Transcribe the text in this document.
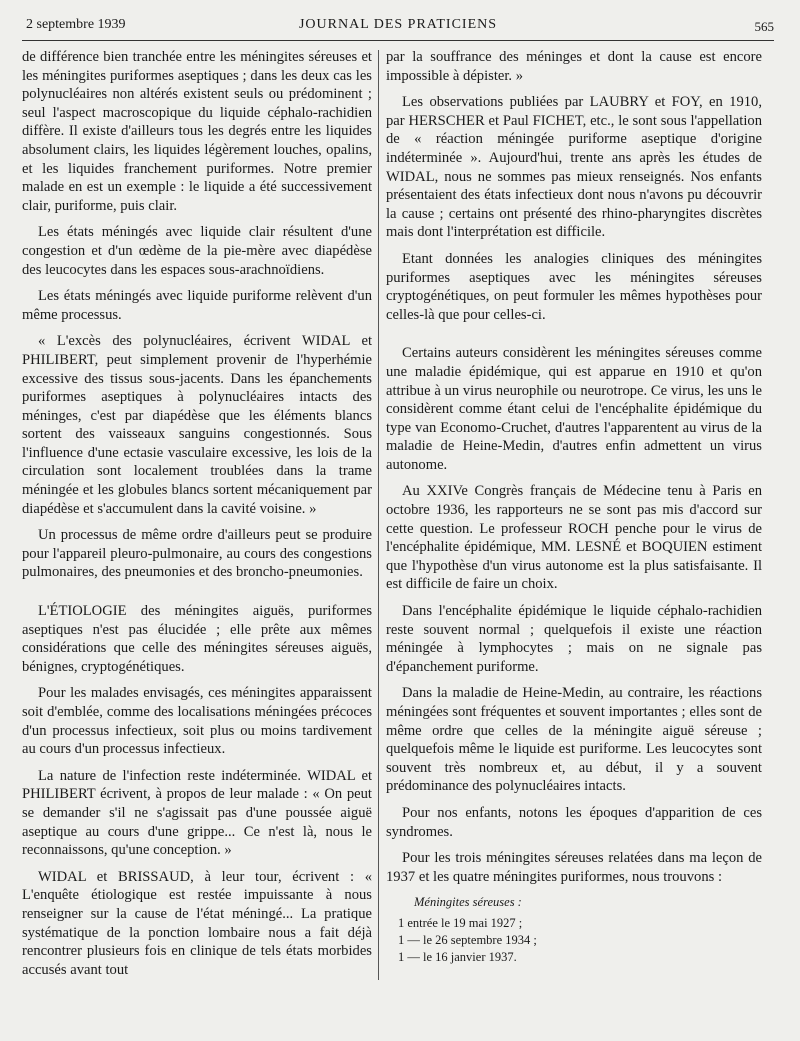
2 septembre 1939	JOURNAL DES PRATICIENS	565

de différence bien tranchée entre les méningites séreuses et les méningites puriformes aseptiques ; dans les deux cas les polynucléaires non altérés existent seuls ou prédominent ; seul l'aspect macroscopique du liquide céphalo-rachidien diffère. Il existe d'ailleurs tous les degrés entre les liquides absolument clairs, les liquides légèrement louches, opalins, et les liquides franchement puriformes. Notre premier malade en est un exemple : le liquide a été successivement clair, puriforme, puis clair.

Les états méningés avec liquide clair résultent d'une congestion et d'un œdème de la pie-mère avec diapédèse des leucocytes dans les espaces sous-arachnoïdiens.

Les états méningés avec liquide puriforme relèvent d'un même processus.

« L'excès des polynucléaires, écrivent WIDAL et PHILIBERT, peut simplement provenir de l'hyperhémie excessive des tissus sous-jacents. Dans les épanchements puriformes aseptiques à polynucléaires intacts des méninges, c'est par diapédèse que les éléments blancs sortent des vaisseaux sanguins congestionnés. Sous l'influence d'une ectasie vasculaire excessive, les lois de la circulation sont localement troublées dans la trame méningée et les globules blancs sortent mécaniquement par diapédèse et s'accumulent dans la cavité voisine. »

Un processus de même ordre d'ailleurs peut se produire pour l'appareil pleuro-pulmonaire, au cours des congestions pulmonaires, des pneumonies et des broncho-pneumonies.

L'ÉTIOLOGIE des méningites aiguës, puriformes aseptiques n'est pas élucidée ; elle prête aux mêmes considérations que celle des méningites séreuses aiguës, bénignes, cryptogénétiques.

Pour les malades envisagés, ces méningites apparaissent soit d'emblée, comme des localisations méningées précoces d'un processus infectieux, soit plus ou moins tardivement au cours d'un processus infectieux.

La nature de l'infection reste indéterminée. WIDAL et PHILIBERT écrivent, à propos de leur malade : « On peut se demander s'il ne s'agissait pas d'une poussée aiguë aseptique au cours d'une grippe... Ce n'est là, nous le reconnaissons, qu'une conception. »

WIDAL et BRISSAUD, à leur tour, écrivent : « L'enquête étiologique est restée impuissante à nous renseigner sur la cause de l'état méningé... La pratique systématique de la ponction lombaire nous a fait déjà rencontrer plusieurs fois en clinique de tels états morbides accusés avant tout

par la souffrance des méninges et dont la cause est encore impossible à dépister. »

Les observations publiées par LAUBRY et FOY, en 1910, par HERSCHER et Paul FICHET, etc., le sont sous l'appellation de « réaction méningée puriforme aseptique d'origine indéterminée ». Aujourd'hui, trente ans après les études de WIDAL, nous ne sommes pas mieux renseignés. Nos enfants présentaient des états infectieux dont nous n'avons pu découvrir la cause ; certains ont présenté des rhino-pharyngites discrètes mais dont l'interprétation est difficile.

Etant données les analogies cliniques des méningites puriformes aseptiques avec les méningites séreuses cryptogénétiques, on peut formuler les mêmes hypothèses pour celles-là que pour celles-ci.

Certains auteurs considèrent les méningites séreuses comme une maladie épidémique, qui est apparue en 1910 et qu'on attribue à un virus neurophile ou neurotrope. Ce virus, les uns le considèrent comme étant celui de l'encéphalite épidémique du type van Economo-Cruchet, d'autres l'apparentent au virus de la maladie de Heine-Medin, d'autres enfin admettent un virus autonome.

Au XXIVe Congrès français de Médecine tenu à Paris en octobre 1936, les rapporteurs ne se sont pas mis d'accord sur cette question. Le professeur ROCH penche pour le virus de l'encéphalite épidémique, MM. LESNÉ et BOQUIEN estiment que l'hypothèse d'un virus autonome est la plus satisfaisante. Il est difficile de faire un choix.

Dans l'encéphalite épidémique le liquide céphalo-rachidien reste souvent normal ; quelquefois il existe une réaction méningée à lymphocytes ; mais on ne signale pas d'épanchement puriforme.

Dans la maladie de Heine-Medin, au contraire, les réactions méningées sont fréquentes et souvent importantes ; elles sont de même ordre que celles de la méningite aiguë séreuse ; quelquefois même le liquide est puriforme. Les leucocytes sont souvent très nombreux et, au début, il y a souvent prédominance des polynucléaires intacts.

Pour nos enfants, notons les époques d'apparition de ces syndromes.

Pour les trois méningites séreuses relatées dans ma leçon de 1937 et les quatre méningites puriformes, nous trouvons :

Méningites séreuses :
1 entrée le 19 mai 1927 ;
1 — le 26 septembre 1934 ;
1 — le 16 janvier 1937.
